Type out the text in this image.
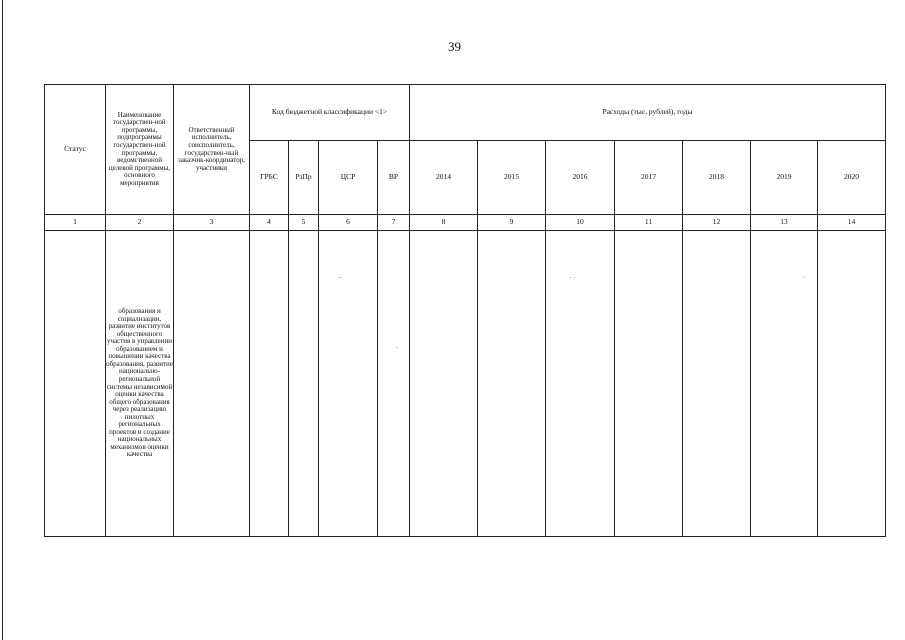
39
Статус	Наименование государствен-ной программы, подпрограммы государствен-ной программы, ведомственной целевой программы, основного мероприятия	Ответственный исполнитель, соисполнитель, государствен-ный заказчик-координатор, участники	Код бюджетной классификации <1>				Расходы (тыс. рублей), годы						
			ГРБС	РзПр	ЦСР	ВР	2014	2015	2016	2017	2018	2019	2020
1	2	3	4	5	6	7	8	9	10	11	12	13	14
	образования и социализации, развитие институтов общественного участия в управлении образованием и повышении качества образования, развитие национально-региональной системы независимой оценки качества общего образования через реализацию пилотных региональных проектов и создание национальных механизмов оценки качества												
..	. .	.
.
